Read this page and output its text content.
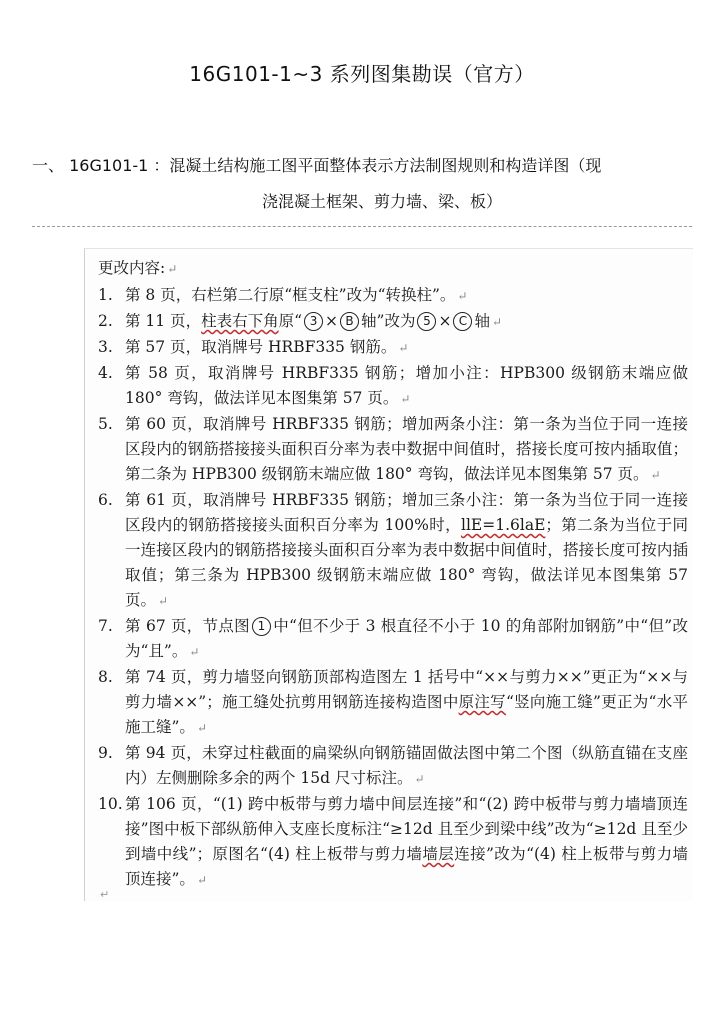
16G101-1~3 系列图集勘误（官方）
一、 16G101-1 ：混凝土结构施工图平面整体表示方法制图规则和构造详图（现
浇混凝土框架、剪力墙、梁、板）
更改内容: ↵
1. 第 8 页，右栏第二行原“框支柱”改为“转换柱”。 ↵
2. 第 11 页，柱表右下角原“ 3 × B 轴”改为 5 × C 轴 ↵
3. 第 57 页，取消牌号 HRBF335 钢筋。 ↵
4. 第 58 页，取消牌号 HRBF335 钢筋；增加小注：HPB300 级钢筋末端应做 180° 弯钩，做法详见本图集第 57 页。 ↵
5. 第 60 页，取消牌号 HRBF335 钢筋；增加两条小注：第一条为当位于同一连接区段内的钢筋搭接接头面积百分率为表中数据中间值时，搭接长度可按内插取值；第二条为 HPB300 级钢筋末端应做 180° 弯钩，做法详见本图集第 57 页。 ↵
6. 第 61 页，取消牌号 HRBF335 钢筋；增加三条小注：第一条为当位于同一连接区段内的钢筋搭接接头面积百分率为 100%时，llE=1.6laE；第二条为当位于同一连接区段内的钢筋搭接接头面积百分率为表中数据中间值时，搭接长度可按内插取值；第三条为 HPB300 级钢筋末端应做 180° 弯钩，做法详见本图集第 57 页。 ↵
7. 第 67 页，节点图 1 中“但不少于 3 根直径不小于 10 的角部附加钢筋”中“但”改为“且”。 ↵
8. 第 74 页，剪力墙竖向钢筋顶部构造图左 1 括号中“××与剪力××”更正为“××与剪力墙××”；施工缝处抗剪用钢筋连接构造图中原注写“竖向施工缝”更正为“水平施工缝”。 ↵
9. 第 94 页，未穿过柱截面的扁梁纵向钢筋锚固做法图中第二个图（纵筋直锚在支座内）左侧删除多余的两个 15d 尺寸标注。 ↵
10. 第 106 页，“(1) 跨中板带与剪力墙中间层连接”和“(2) 跨中板带与剪力墙墙顶连接”图中板下部纵筋伸入支座长度标注“≥12d 且至少到梁中线”改为“≥12d 且至少到墙中线”；原图名“(4) 柱上板带与剪力墙墙层连接”改为“(4) 柱上板带与剪力墙顶连接”。 ↵
↵
